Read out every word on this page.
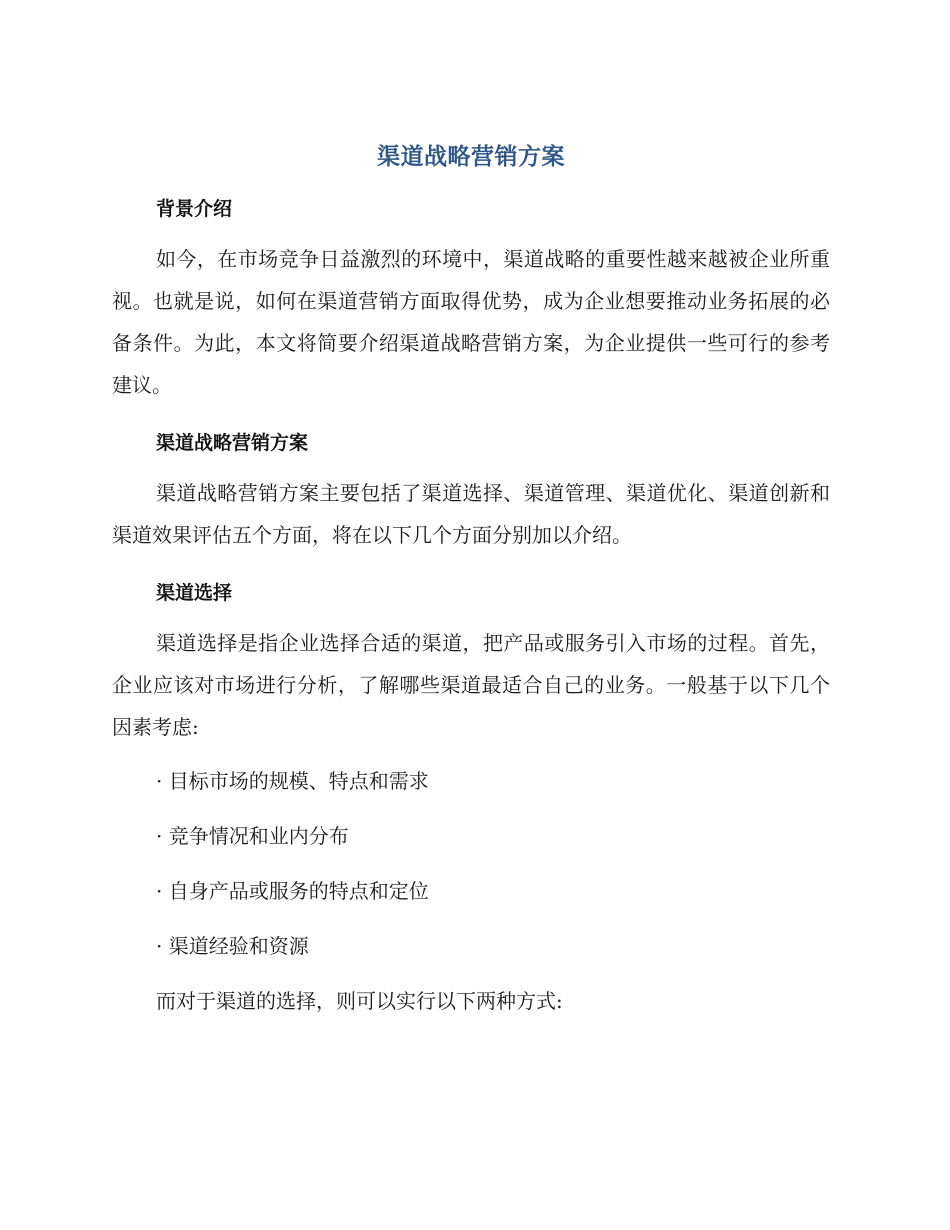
渠道战略营销方案
背景介绍

如今，在市场竞争日益激烈的环境中，渠道战略的重要性越来越被企业所重视。也就是说，如何在渠道营销方面取得优势，成为企业想要推动业务拓展的必备条件。为此，本文将简要介绍渠道战略营销方案，为企业提供一些可行的参考建议。

渠道战略营销方案

渠道战略营销方案主要包括了渠道选择、渠道管理、渠道优化、渠道创新和渠道效果评估五个方面，将在以下几个方面分别加以介绍。

渠道选择

渠道选择是指企业选择合适的渠道，把产品或服务引入市场的过程。首先，企业应该对市场进行分析，了解哪些渠道最适合自己的业务。一般基于以下几个因素考虑:

· 目标市场的规模、特点和需求
· 竞争情况和业内分布
· 自身产品或服务的特点和定位
· 渠道经验和资源

而对于渠道的选择，则可以实行以下两种方式:
